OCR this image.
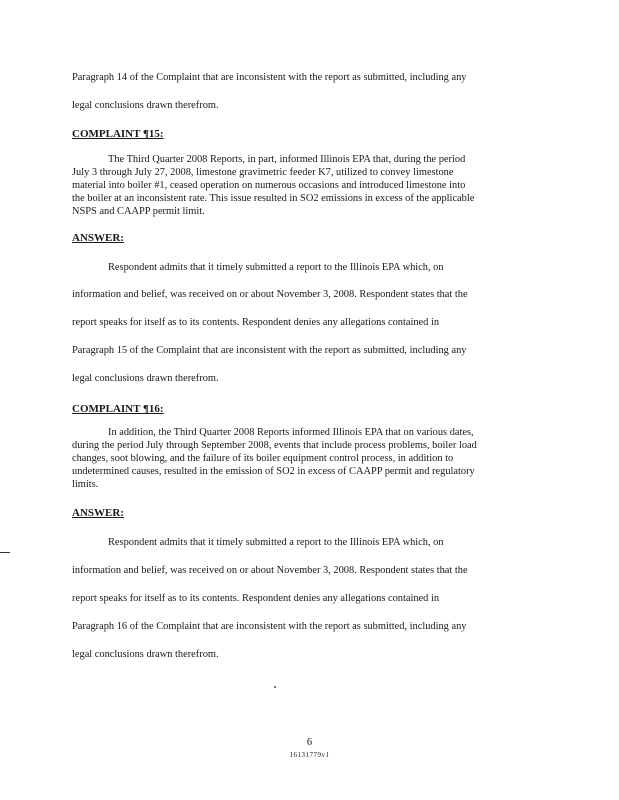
Paragraph 14 of the Complaint that are inconsistent with the report as submitted, including any
legal conclusions drawn therefrom.
COMPLAINT ¶15:
The Third Quarter 2008 Reports, in part, informed Illinois EPA that, during the period
July 3 through July 27, 2008, limestone gravimetric feeder K7, utilized to convey limestone
material into boiler #1, ceased operation on numerous occasions and introduced limestone into
the boiler at an inconsistent rate. This issue resulted in SO2 emissions in excess of the applicable
NSPS and CAAPP permit limit.
ANSWER:
Respondent admits that it timely submitted a report to the Illinois EPA which, on
information and belief, was received on or about November 3, 2008. Respondent states that the
report speaks for itself as to its contents. Respondent denies any allegations contained in
Paragraph 15 of the Complaint that are inconsistent with the report as submitted, including any
legal conclusions drawn therefrom.
COMPLAINT ¶16:
In addition, the Third Quarter 2008 Reports informed Illinois EPA that on various dates,
during the period July through September 2008, events that include process problems, boiler load
changes, soot blowing, and the failure of its boiler equipment control process, in addition to
undetermined causes, resulted in the emission of SO2 in excess of CAAPP permit and regulatory
limits.
ANSWER:
Respondent admits that it timely submitted a report to the Illinois EPA which, on
information and belief, was received on or about November 3, 2008. Respondent states that the
report speaks for itself as to its contents. Respondent denies any allegations contained in
Paragraph 16 of the Complaint that are inconsistent with the report as submitted, including any
legal conclusions drawn therefrom.
6
16131779v1
